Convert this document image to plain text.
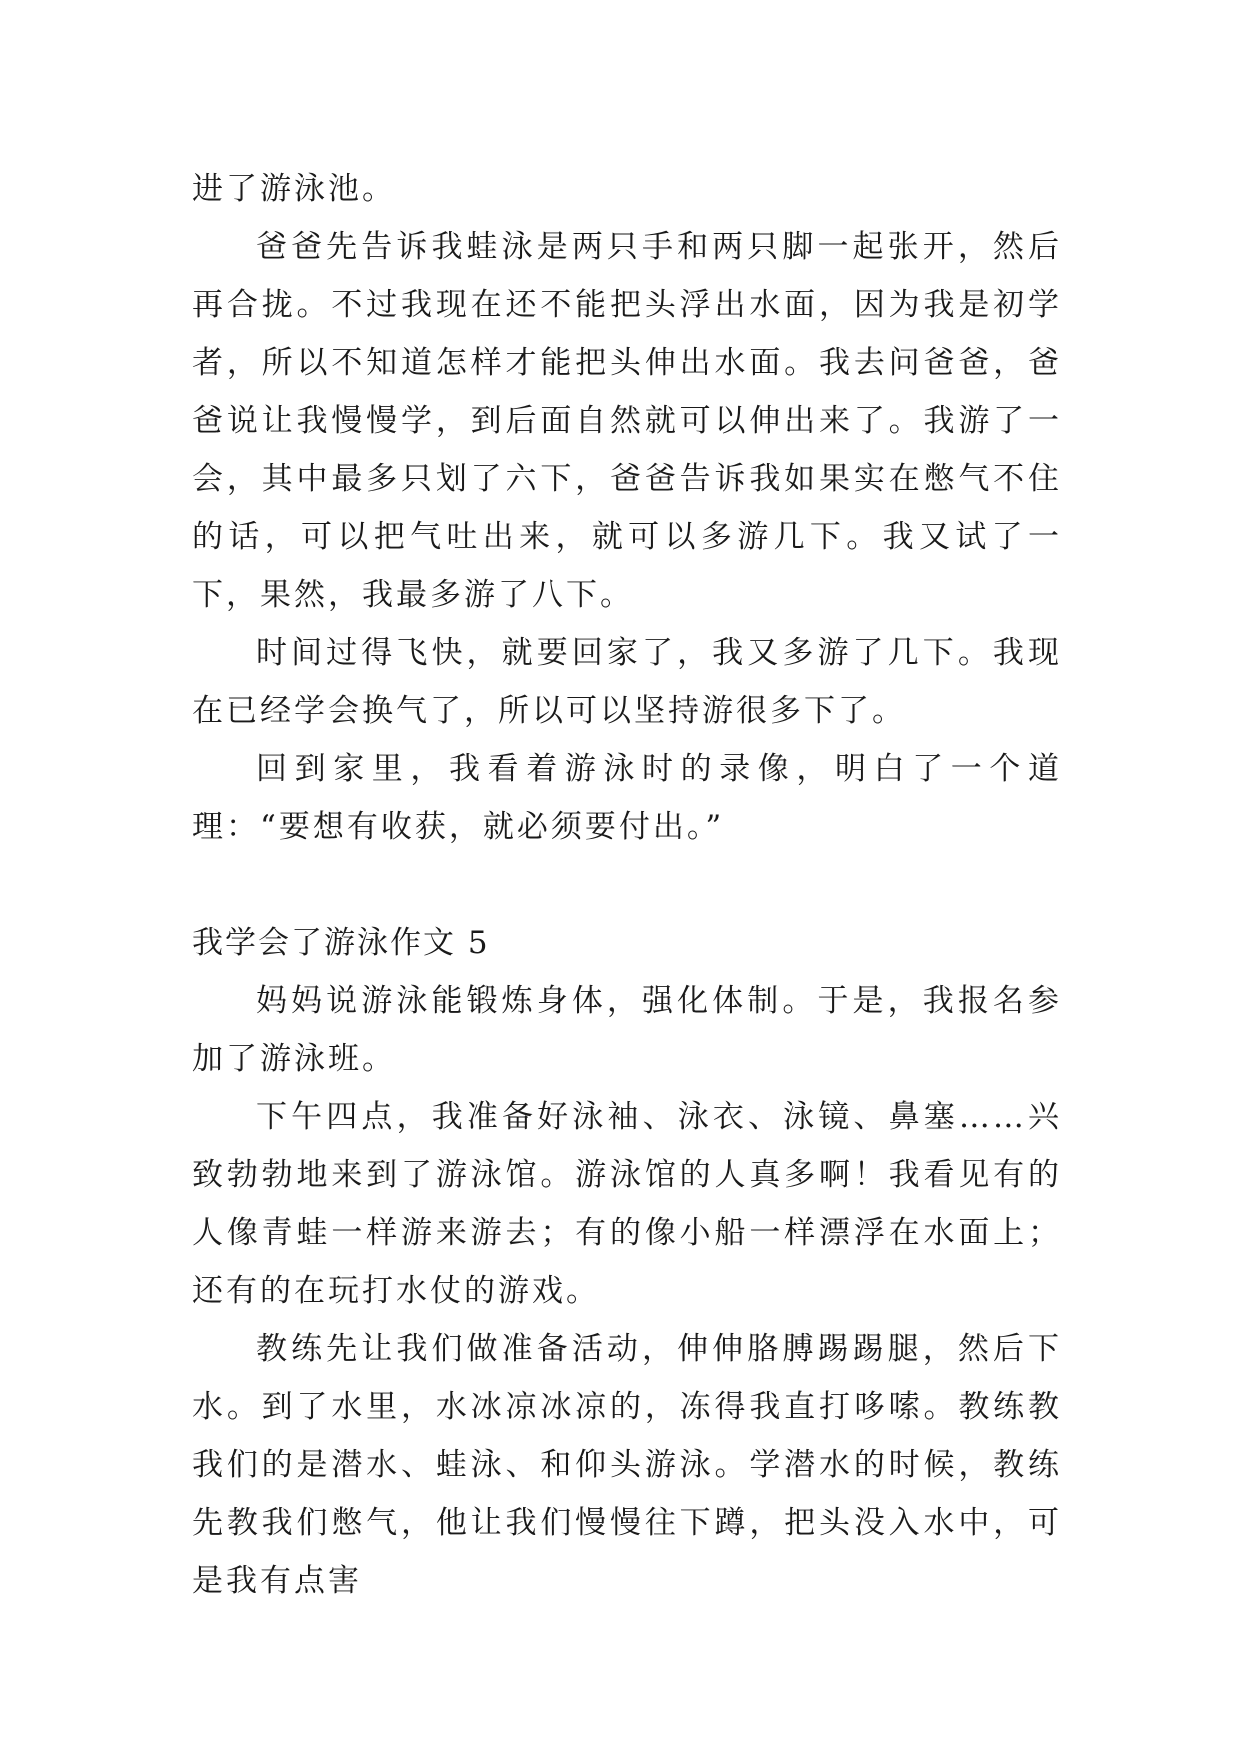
进了游泳池。

爸爸先告诉我蛙泳是两只手和两只脚一起张开，然后再合拢。不过我现在还不能把头浮出水面，因为我是初学者，所以不知道怎样才能把头伸出水面。我去问爸爸，爸爸说让我慢慢学，到后面自然就可以伸出来了。我游了一会，其中最多只划了六下，爸爸告诉我如果实在憋气不住的话，可以把气吐出来，就可以多游几下。我又试了一下，果然，我最多游了八下。

时间过得飞快，就要回家了，我又多游了几下。我现在已经学会换气了，所以可以坚持游很多下了。

回到家里，我看着游泳时的录像，明白了一个道理：“要想有收获，就必须要付出。”

我学会了游泳作文 5

妈妈说游泳能锻炼身体，强化体制。于是，我报名参加了游泳班。

下午四点，我准备好泳袖、泳衣、泳镜、鼻塞……兴致勃勃地来到了游泳馆。游泳馆的人真多啊！我看见有的人像青蛙一样游来游去；有的像小船一样漂浮在水面上；还有的在玩打水仗的游戏。

教练先让我们做准备活动，伸伸胳膊踢踢腿，然后下水。到了水里，水冰凉冰凉的，冻得我直打哆嗦。教练教我们的是潜水、蛙泳、和仰头游泳。学潜水的时候，教练先教我们憋气，他让我们慢慢往下蹲，把头没入水中，可是我有点害
